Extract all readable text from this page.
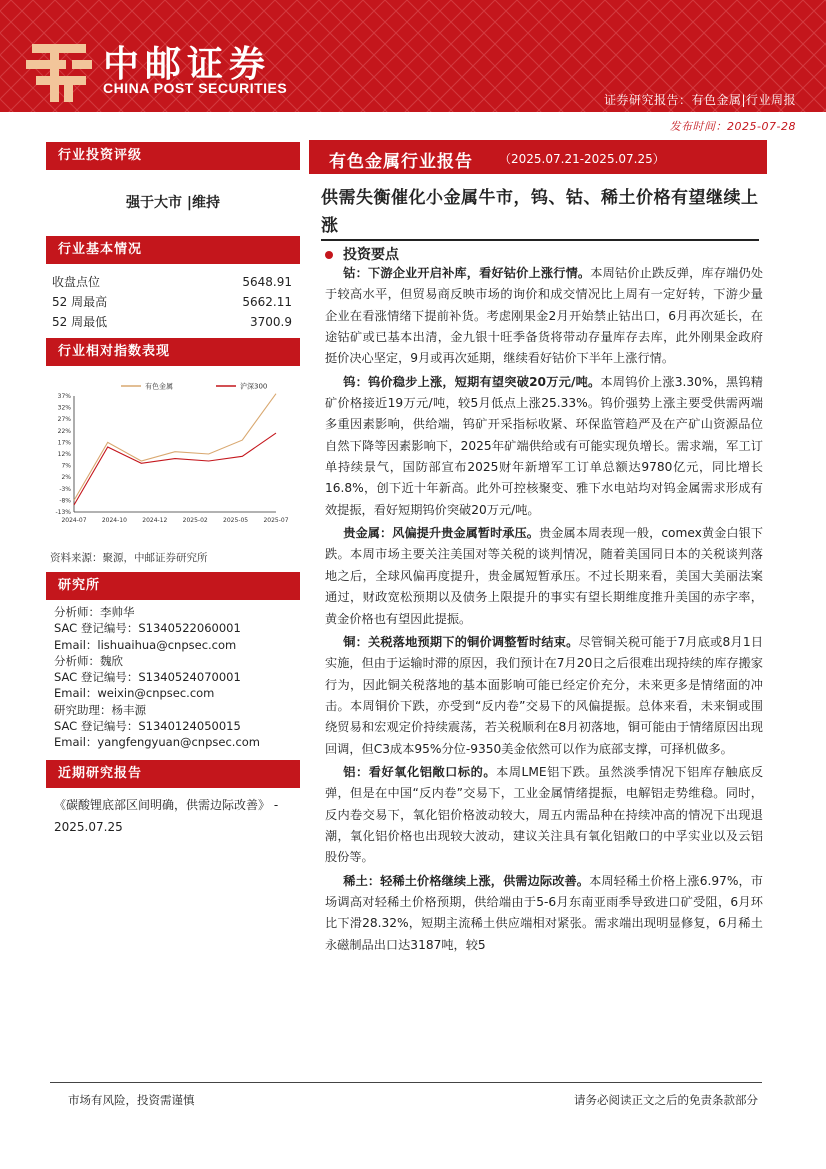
中邮证券
CHINA POST SECURITIES
证券研究报告：有色金属|行业周报
发布时间：2025-07-28
行业投资评级
强于大市 |维持
行业基本情况
收盘点位	5648.91
52 周最高	5662.11
52 周最低	3700.9
行业相对指数表现
37%
32%
27%
22%
17%
12%
7%
2%
-3%
-8%
-13%
2024-07	2024-10	2024-12	2025-02	2025-05	2025-07
有色金属	沪深300
资料来源：聚源，中邮证券研究所
研究所
分析师：李帅华
SAC 登记编号：S1340522060001
Email：lishuaihua@cnpsec.com
分析师：魏欣
SAC 登记编号：S1340524070001
Email：weixin@cnpsec.com
研究助理：杨丰源
SAC 登记编号：S1340124050015
Email：yangfengyuan@cnpsec.com
近期研究报告
《碳酸锂底部区间明确，供需边际改善》 - 2025.07.25
有色金属行业报告 （2025.07.21-2025.07.25）
供需失衡催化小金属牛市，钨、钴、稀土价格有望继续上涨
投资要点

钴：下游企业开启补库，看好钴价上涨行情。本周钴价止跌反弹，库存端仍处于较高水平，但贸易商反映市场的询价和成交情况比上周有一定好转，下游少量企业在看涨情绪下提前补货。考虑刚果金2月开始禁止钴出口，6月再次延长，在途钴矿或已基本出清，金九银十旺季备货将带动存量库存去库，此外刚果金政府挺价决心坚定，9月或再次延期，继续看好钴价下半年上涨行情。

钨：钨价稳步上涨，短期有望突破20万元/吨。本周钨价上涨3.30%，黑钨精矿价格接近19万元/吨，较5月低点上涨25.33%。钨价强势上涨主要受供需两端多重因素影响，供给端，钨矿开采指标收紧、环保监管趋严及在产矿山资源品位自然下降等因素影响下，2025年矿端供给或有可能实现负增长。需求端，军工订单持续景气，国防部宣布2025财年新增军工订单总额达9780亿元，同比增长16.8%，创下近十年新高。此外可控核聚变、雅下水电站均对钨金属需求形成有效提振，看好短期钨价突破20万元/吨。

贵金属：风偏提升贵金属暂时承压。贵金属本周表现一般，comex黄金白银下跌。本周市场主要关注美国对等关税的谈判情况，随着美国同日本的关税谈判落地之后，全球风偏再度提升，贵金属短暂承压。不过长期来看，美国大美丽法案通过，财政宽松预期以及债务上限提升的事实有望长期维度推升美国的赤字率，黄金价格也有望因此提振。

铜：关税落地预期下的铜价调整暂时结束。尽管铜关税可能于7月底或8月1日实施，但由于运输时滞的原因，我们预计在7月20日之后很难出现持续的库存搬家行为，因此铜关税落地的基本面影响可能已经定价充分，未来更多是情绪面的冲击。本周铜价下跌，亦受到“反内卷”交易下的风偏提振。总体来看，未来铜或围绕贸易和宏观定价持续震荡，若关税顺利在8月初落地，铜可能由于情绪原因出现回调，但C3成本95%分位-9350美金依然可以作为底部支撑，可择机做多。

铝：看好氧化铝敞口标的。本周LME铝下跌。虽然淡季情况下铝库存触底反弹，但是在中国“反内卷”交易下，工业金属情绪提振，电解铝走势维稳。同时，反内卷交易下，氧化铝价格波动较大，周五内需品种在持续冲高的情况下出现退潮，氧化铝价格也出现较大波动，建议关注具有氧化铝敞口的中孚实业以及云铝股份等。

稀土：轻稀土价格继续上涨，供需边际改善。本周轻稀土价格上涨6.97%，市场调高对轻稀土价格预期，供给端由于5-6月东南亚雨季导致进口矿受阻，6月环比下滑28.32%，短期主流稀土供应端相对紧张。需求端出现明显修复，6月稀土永磁制品出口达3187吨，较5

市场有风险，投资需谨慎	请务必阅读正文之后的免责条款部分
